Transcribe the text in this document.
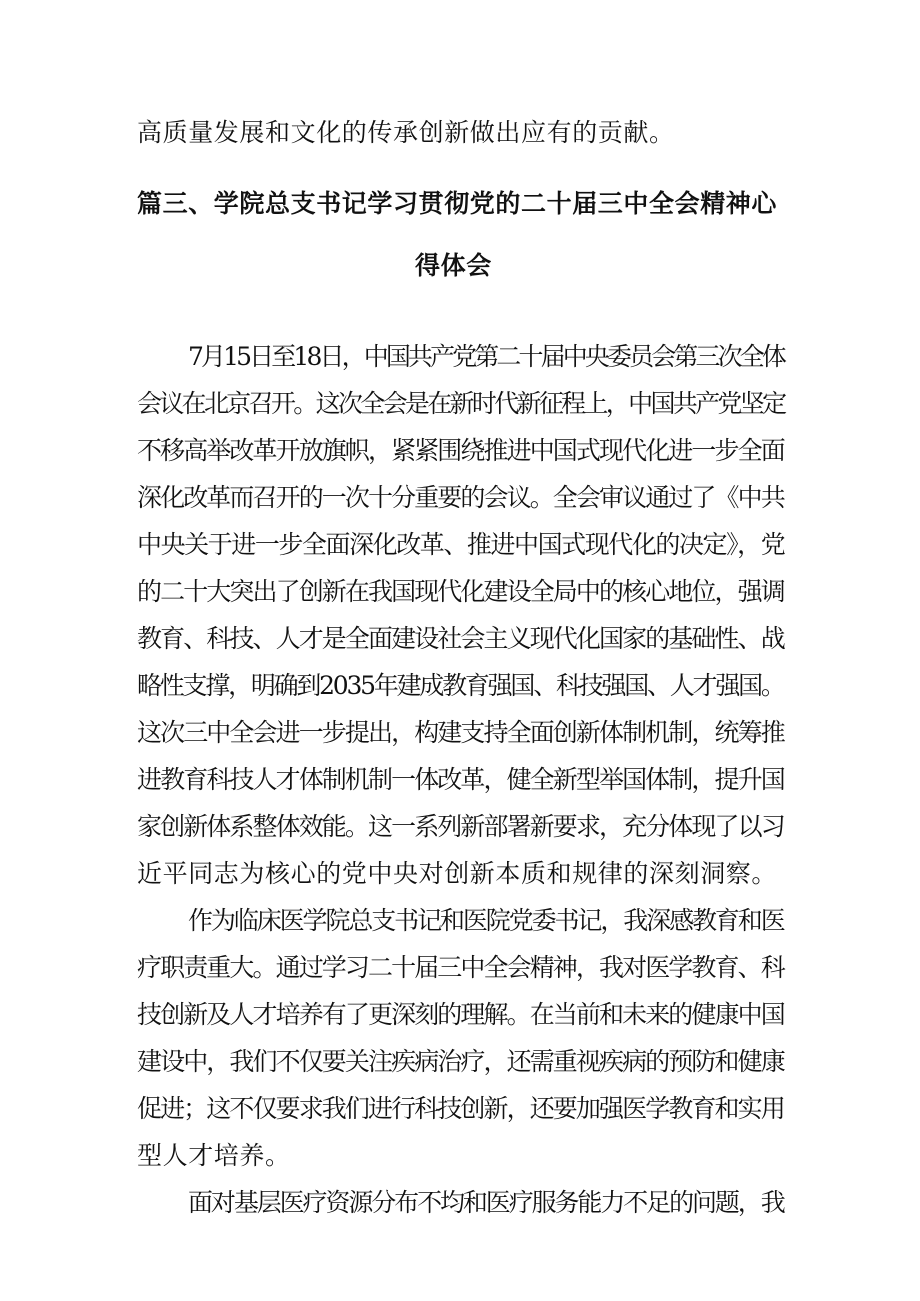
高质量发展和文化的传承创新做出应有的贡献。
篇三、学院总支书记学习贯彻党的二十届三中全会精神心
得体会
7月15日至18日，中国共产党第二十届中央委员会第三次全体
会议在北京召开。这次全会是在新时代新征程上，中国共产党坚定
不移高举改革开放旗帜，紧紧围绕推进中国式现代化进一步全面
深化改革而召开的一次十分重要的会议。全会审议通过了《中共
中央关于进一步全面深化改革、推进中国式现代化的决定》，党
的二十大突出了创新在我国现代化建设全局中的核心地位，强调
教育、科技、人才是全面建设社会主义现代化国家的基础性、战
略性支撑，明确到2035年建成教育强国、科技强国、人才强国。
这次三中全会进一步提出，构建支持全面创新体制机制，统筹推
进教育科技人才体制机制一体改革，健全新型举国体制，提升国
家创新体系整体效能。这一系列新部署新要求，充分体现了以习
近平同志为核心的党中央对创新本质和规律的深刻洞察。
作为临床医学院总支书记和医院党委书记，我深感教育和医
疗职责重大。通过学习二十届三中全会精神，我对医学教育、科
技创新及人才培养有了更深刻的理解。在当前和未来的健康中国
建设中，我们不仅要关注疾病治疗，还需重视疾病的预防和健康
促进；这不仅要求我们进行科技创新，还要加强医学教育和实用
型人才培养。
面对基层医疗资源分布不均和医疗服务能力不足的问题，我
